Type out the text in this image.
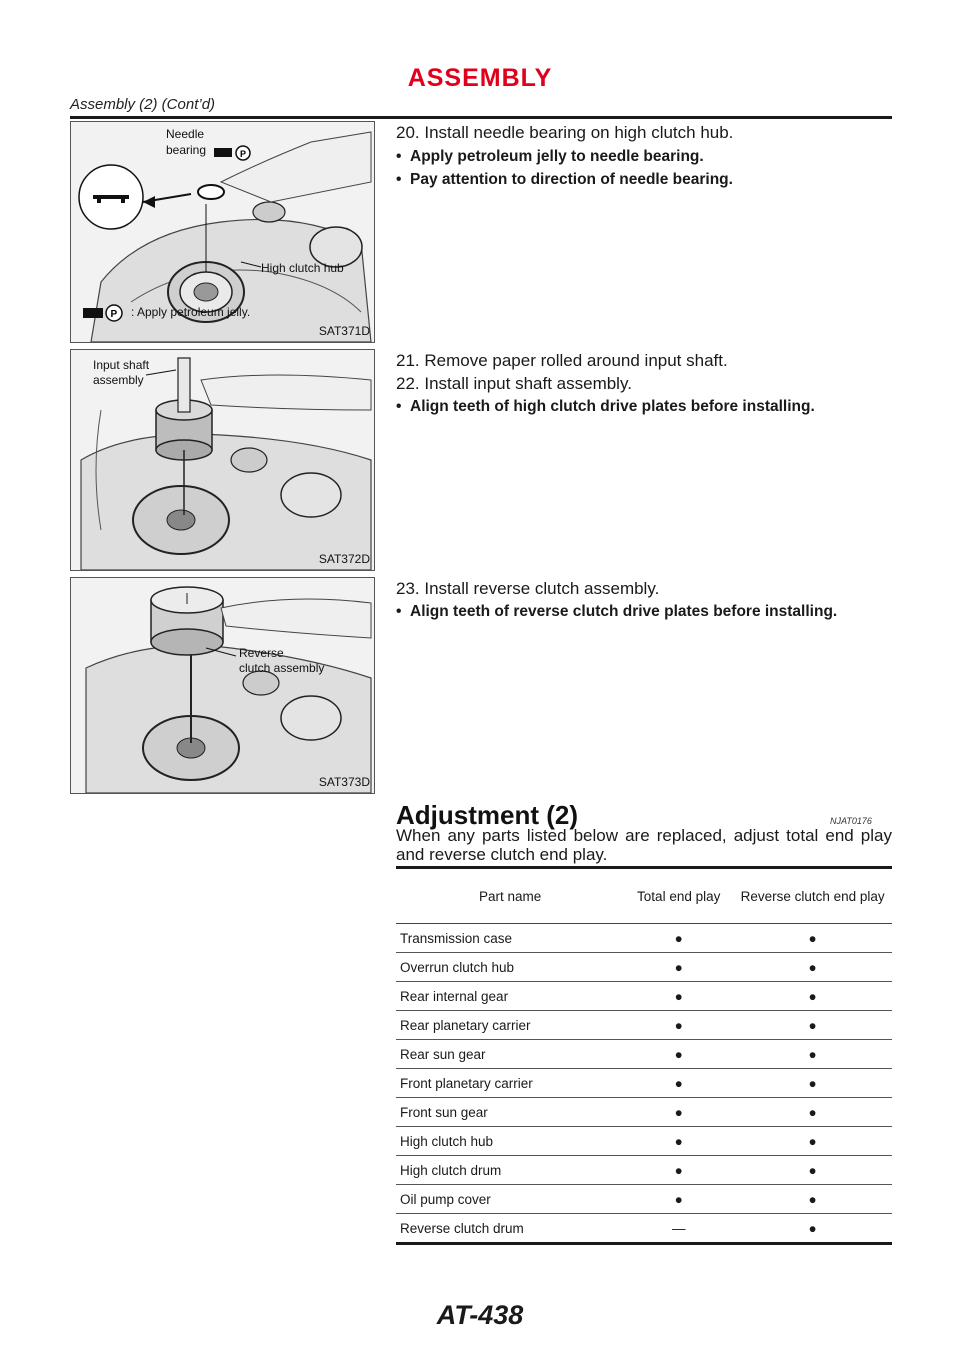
ASSEMBLY
Assembly (2) (Cont’d)
P
P
Needle
bearing
High clutch hub
: Apply petroleum jelly.
SAT371D
Input shaft
assembly
SAT372D
Reverse
clutch assembly
SAT373D
20. Install needle bearing on high clutch hub.
• Apply petroleum jelly to needle bearing.
• Pay attention to direction of needle bearing.
21. Remove paper rolled around input shaft.
22. Install input shaft assembly.
• Align teeth of high clutch drive plates before installing.
23. Install reverse clutch assembly.
• Align teeth of reverse clutch drive plates before installing.
Adjustment (2)	NJAT0176
When any parts listed below are replaced, adjust total end play and reverse clutch end play.
Part name	Total end play	Reverse clutch end play
Transmission case	●	●
Overrun clutch hub	●	●
Rear internal gear	●	●
Rear planetary carrier	●	●
Rear sun gear	●	●
Front planetary carrier	●	●
Front sun gear	●	●
High clutch hub	●	●
High clutch drum	●	●
Oil pump cover	●	●
Reverse clutch drum	—	●
AT-438
